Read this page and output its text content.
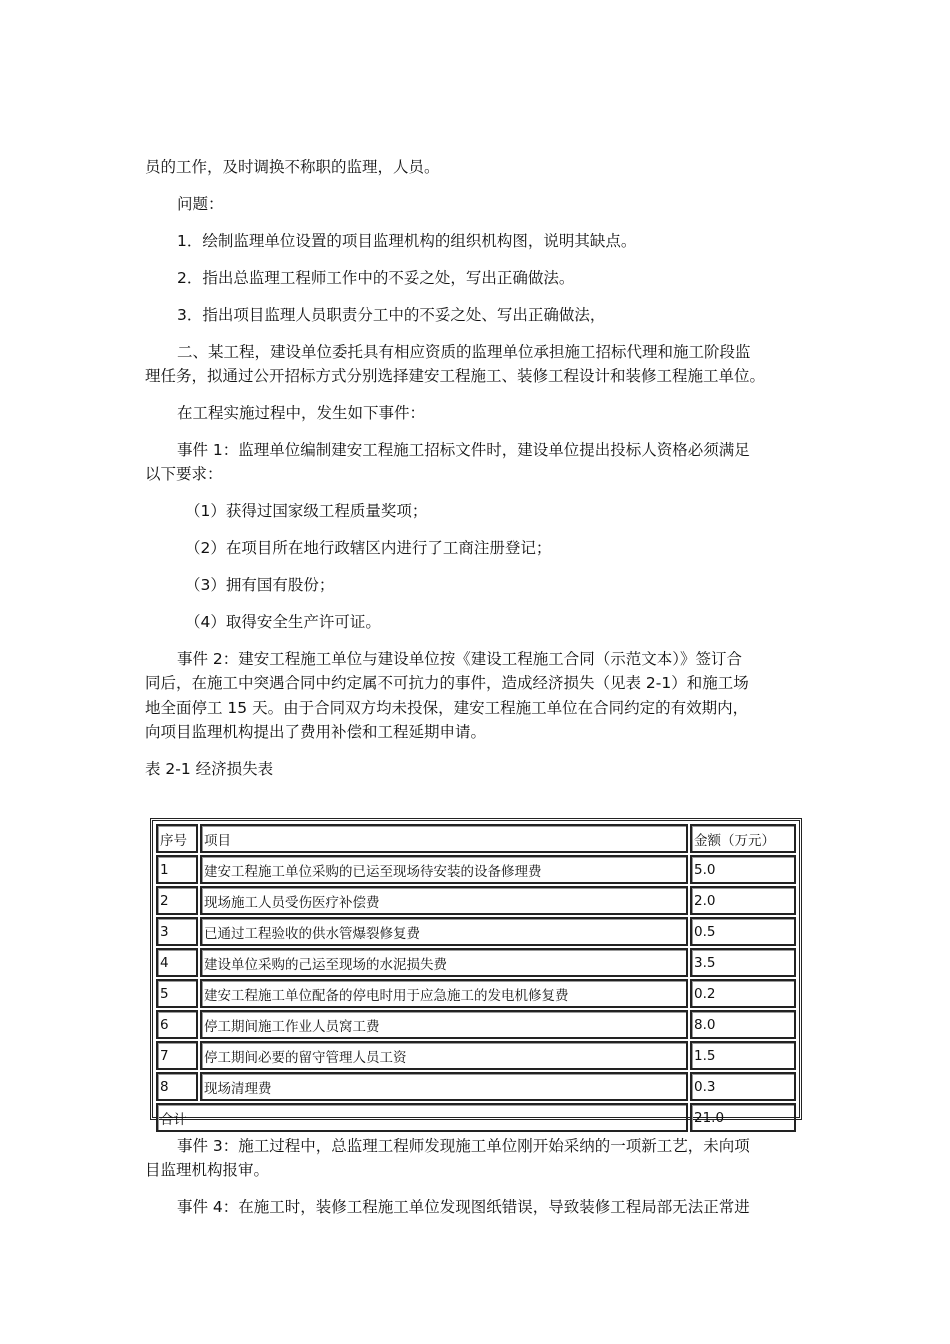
员的工作，及时调换不称职的监理，人员。
问题：
1．绘制监理单位设置的项目监理机构的组织机构图，说明其缺点。
2．指出总监理工程师工作中的不妥之处，写出正确做法。
3．指出项目监理人员职责分工中的不妥之处、写出正确做法，
二、某工程，建设单位委托具有相应资质的监理单位承担施工招标代理和施工阶段监
理任务，拟通过公开招标方式分别选择建安工程施工、装修工程设计和装修工程施工单位。
在工程实施过程中，发生如下事件：
事件 1：监理单位编制建安工程施工招标文件时，建设单位提出投标人资格必须满足
以下要求：
（1）获得过国家级工程质量奖项；
（2）在项目所在地行政辖区内进行了工商注册登记；
（3）拥有国有股份；
（4）取得安全生产许可证。
事件 2：建安工程施工单位与建设单位按《建设工程施工合同（示范文本）》签订合
同后，在施工中突遇合同中约定属不可抗力的事件，造成经济损失（见表 2-1）和施工场
地全面停工 15 天。由于合同双方均未投保，建安工程施工单位在合同约定的有效期内，
向项目监理机构提出了费用补偿和工程延期申请。
表 2-1 经济损失表
序号	项目	金额（万元）
1	建安工程施工单位采购的已运至现场待安装的设备修理费	5.0
2	现场施工人员受伤医疗补偿费	2.0
3	已通过工程验收的供水管爆裂修复费	0.5
4	建设单位采购的己运至现场的水泥损失费	3.5
5	建安工程施工单位配备的停电时用于应急施工的发电机修复费	0.2
6	停工期间施工作业人员窝工费	8.0
7	停工期间必要的留守管理人员工资	1.5
8	现场清理费	0.3
合计		21.0
事件 3：施工过程中，总监理工程师发现施工单位刚开始采纳的一项新工艺，未向项
目监理机构报审。
事件 4：在施工时，装修工程施工单位发现图纸错误，导致装修工程局部无法正常进
